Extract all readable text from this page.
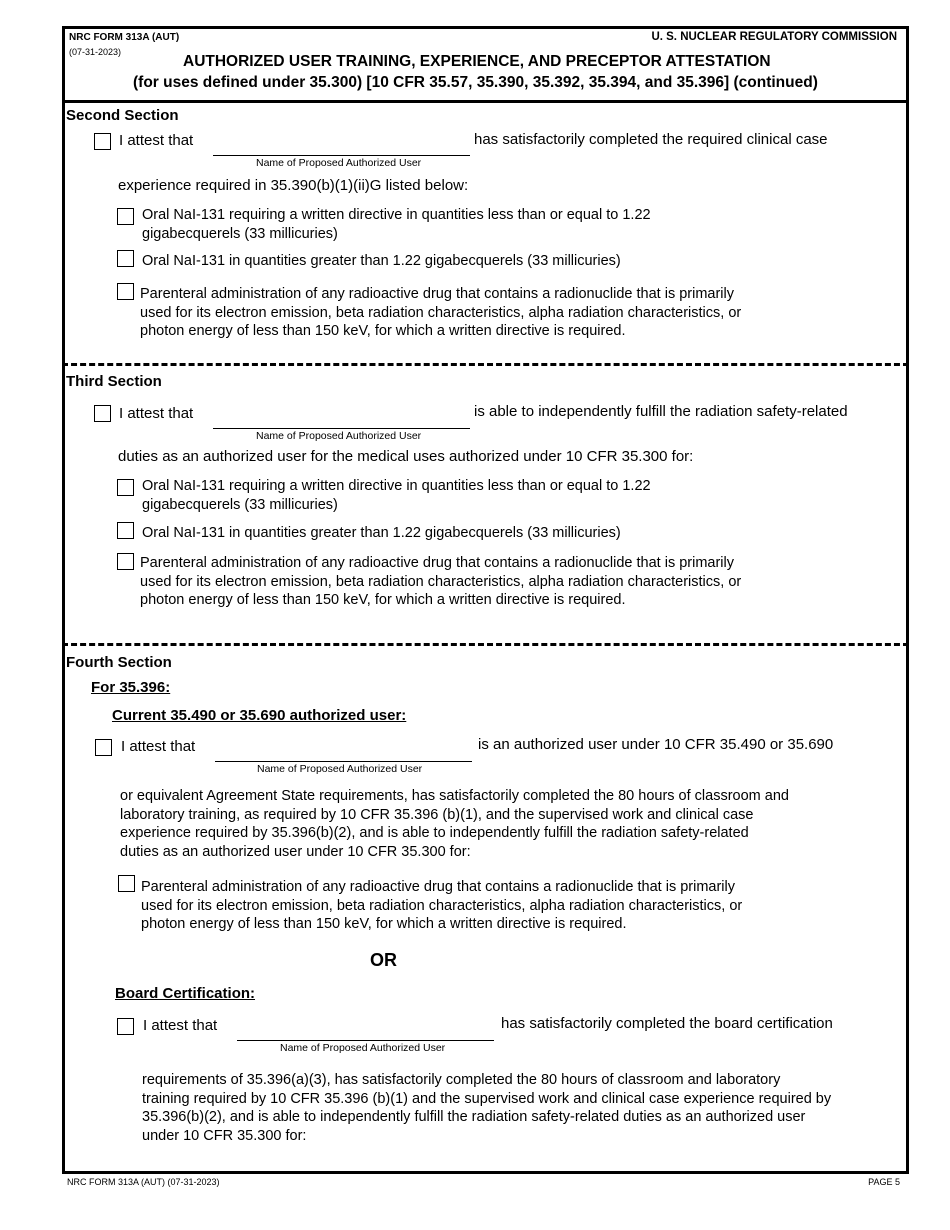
NRC FORM 313A (AUT)
(07-31-2023)
U. S. NUCLEAR REGULATORY COMMISSION
AUTHORIZED USER TRAINING, EXPERIENCE, AND PRECEPTOR ATTESTATION
(for uses defined under 35.300) [10 CFR 35.57, 35.390, 35.392, 35.394, and 35.396] (continued)
Second Section
I attest that
Name of Proposed Authorized User
has satisfactorily completed the required clinical case
experience required in 35.390(b)(1)(ii)G listed below:
Oral NaI-131 requiring a written directive in quantities less than or equal to 1.22
gigabecquerels (33 millicuries)
Oral NaI-131 in quantities greater than 1.22 gigabecquerels (33 millicuries)
Parenteral administration of any radioactive drug that contains a radionuclide that is primarily
used for its electron emission, beta radiation characteristics, alpha radiation characteristics, or
photon energy of less than 150 keV, for which a written directive is required.
Third Section
I attest that
Name of Proposed Authorized User
is able to independently fulfill the radiation safety-related
duties as an authorized user for the medical uses authorized under 10 CFR 35.300 for:
Oral NaI-131 requiring a written directive in quantities less than or equal to 1.22
gigabecquerels (33 millicuries)
Oral NaI-131 in quantities greater than 1.22 gigabecquerels (33 millicuries)
Parenteral administration of any radioactive drug that contains a radionuclide that is primarily
used for its electron emission, beta radiation characteristics, alpha radiation characteristics, or
photon energy of less than 150 keV, for which a written directive is required.
Fourth Section
For 35.396:
Current 35.490 or 35.690 authorized user:
I attest that
Name of Proposed Authorized User
is an authorized user under 10 CFR 35.490 or 35.690
or equivalent Agreement State requirements, has satisfactorily completed the 80 hours of classroom and
laboratory training, as required by 10 CFR 35.396 (b)(1), and the supervised work and clinical case
experience required by 35.396(b)(2), and is able to independently fulfill the radiation safety-related
duties as an authorized user under 10 CFR 35.300 for:
Parenteral administration of any radioactive drug that contains a radionuclide that is primarily
used for its electron emission, beta radiation characteristics, alpha radiation characteristics, or
photon energy of less than 150 keV, for which a written directive is required.
OR
Board Certification:
I attest that
Name of Proposed Authorized User
has satisfactorily completed the board certification
requirements of 35.396(a)(3), has satisfactorily completed the 80 hours of classroom and laboratory
training required by 10 CFR 35.396 (b)(1) and the supervised work and clinical case experience required by
35.396(b)(2), and is able to independently fulfill the radiation safety-related duties as an authorized user
under 10 CFR 35.300 for:
NRC FORM 313A (AUT) (07-31-2023)	PAGE 5
